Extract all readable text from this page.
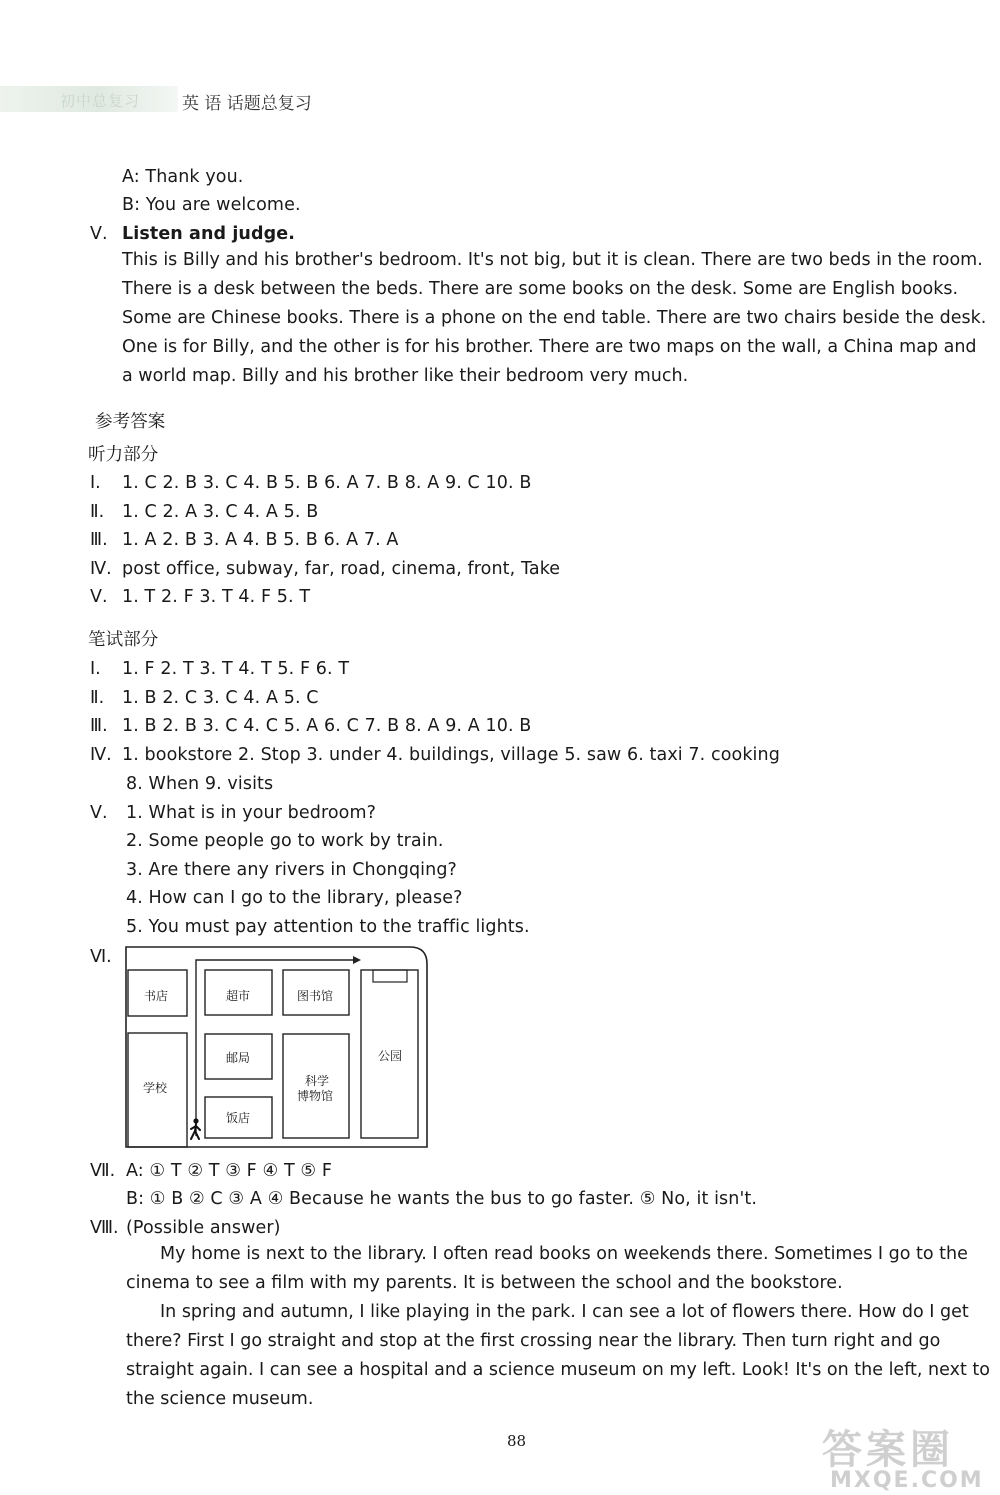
初中总复习 英 语 话题总复习
A: Thank you.
B: You are welcome.
Ⅴ. Listen and judge.
This is Billy and his brother's bedroom. It's not big, but it is clean. There are two beds in the room.
There is a desk between the beds. There are some books on the desk. Some are English books.
Some are Chinese books. There is a phone on the end table. There are two chairs beside the desk.
One is for Billy, and the other is for his brother. There are two maps on the wall, a China map and
a world map. Billy and his brother like their bedroom very much.
参考答案
听力部分
Ⅰ. 1. C 2. B 3. C 4. B 5. B 6. A 7. B 8. A 9. C 10. B
Ⅱ. 1. C 2. A 3. C 4. A 5. B
Ⅲ. 1. A 2. B 3. A 4. B 5. B 6. A 7. A
Ⅳ. post office, subway, far, road, cinema, front, Take
Ⅴ. 1. T 2. F 3. T 4. F 5. T
笔试部分
Ⅰ. 1. F 2. T 3. T 4. T 5. F 6. T
Ⅱ. 1. B 2. C 3. C 4. A 5. C
Ⅲ. 1. B 2. B 3. C 4. C 5. A 6. C 7. B 8. A 9. A 10. B
Ⅳ. 1. bookstore 2. Stop 3. under 4. buildings, village 5. saw 6. taxi 7. cooking
8. When 9. visits
Ⅴ. 1. What is in your bedroom?
2. Some people go to work by train.
3. Are there any rivers in Chongqing?
4. How can I go to the library, please?
5. You must pay attention to the traffic lights.
Ⅵ.
书店	超市	图书馆
公园
邮局
学校	科学
博物馆
饭店
Ⅶ. A: ① T ② T ③ F ④ T ⑤ F
B: ① B ② C ③ A ④ Because he wants the bus to go faster. ⑤ No, it isn't.
Ⅷ. (Possible answer)
My home is next to the library. I often read books on weekends there. Sometimes I go to the
cinema to see a film with my parents. It is between the school and the bookstore.
In spring and autumn, I like playing in the park. I can see a lot of flowers there. How do I get
there? First I go straight and stop at the first crossing near the library. Then turn right and go
straight again. I can see a hospital and a science museum on my left. Look! It's on the left, next to
the science museum.
88	答案圈
MXQE.COM
